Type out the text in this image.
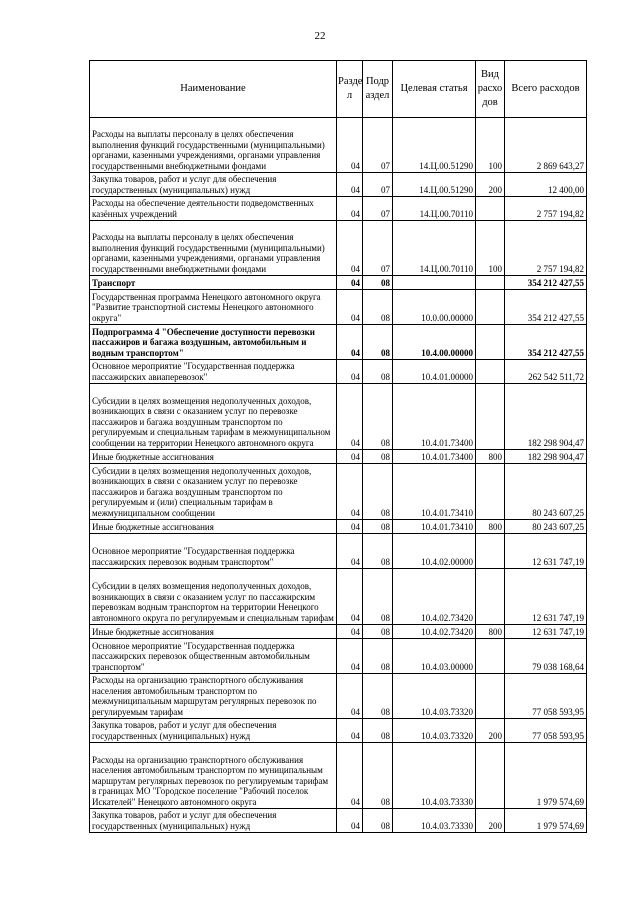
22
Наименование	Разде л	Подр аздел	Целевая статья	Вид расхо дов	Всего расходов
Расходы на выплаты персоналу в целях обеспечения выполнения функций государственными (муниципальными) органами, казенными учреждениями, органами управления государственными внебюджетными фондами	04	07	14.Ц.00.51290	100	2 869 643,27
Закупка товаров, работ и услуг для обеспечения государственных (муниципальных) нужд	04	07	14.Ц.00.51290	200	12 400,00
Расходы на обеспечение деятельности подведомственных казённых учреждений	04	07	14.Ц.00.70110		2 757 194,82
Расходы на выплаты персоналу в целях обеспечения выполнения функций государственными (муниципальными) органами, казенными учреждениями, органами управления государственными внебюджетными фондами	04	07	14.Ц.00.70110	100	2 757 194,82
Транспорт	04	08			354 212 427,55
Государственная программа Ненецкого автономного округа "Развитие транспортной системы Ненецкого автономного округа"	04	08	10.0.00.00000		354 212 427,55
Подпрограмма 4 "Обеспечение доступности перевозки пассажиров и багажа воздушным, автомобильным и водным транспортом"	04	08	10.4.00.00000		354 212 427,55
Основное мероприятие "Государственная поддержка пассажирских авиаперевозок"	04	08	10.4.01.00000		262 542 511,72
Субсидии в целях возмещения недополученных доходов, возникающих в связи с оказанием услуг по перевозке пассажиров и багажа воздушным транспортом по регулируемым и специальным тарифам в межмуниципальном сообщении на территории Ненецкого автономного округа	04	08	10.4.01.73400		182 298 904,47
Иные бюджетные ассигнования	04	08	10.4.01.73400	800	182 298 904,47
Субсидии в целях возмещения недополученных доходов, возникающих в связи с оказанием услуг по перевозке пассажиров и багажа воздушным транспортом по регулируемым и (или) специальным тарифам в межмуниципальном сообщении	04	08	10.4.01.73410		80 243 607,25
Иные бюджетные ассигнования	04	08	10.4.01.73410	800	80 243 607,25
Основное мероприятие "Государственная поддержка пассажирских перевозок водным транспортом"	04	08	10.4.02.00000		12 631 747,19
Субсидии в целях возмещения недополученных доходов, возникающих в связи с оказанием услуг по пассажирским перевозкам водным транспортом на территории Ненецкого автономного округа по регулируемым и специальным тарифам	04	08	10.4.02.73420		12 631 747,19
Иные бюджетные ассигнования	04	08	10.4.02.73420	800	12 631 747,19
Основное мероприятие "Государственная поддержка пассажирских перевозок общественным автомобильным транспортом"	04	08	10.4.03.00000		79 038 168,64
Расходы на организацию транспортного обслуживания населения автомобильным транспортом по межмуниципальным маршрутам регулярных перевозок по регулируемым тарифам	04	08	10.4.03.73320		77 058 593,95
Закупка товаров, работ и услуг для обеспечения государственных (муниципальных) нужд	04	08	10.4.03.73320	200	77 058 593,95
Расходы на организацию транспортного обслуживания населения автомобильным транспортом по муниципальным маршрутам регулярных перевозок по регулируемым тарифам в границах МО "Городское поселение "Рабочий поселок Искателей" Ненецкого автономного округа	04	08	10.4.03.73330		1 979 574,69
Закупка товаров, работ и услуг для обеспечения государственных (муниципальных) нужд	04	08	10.4.03.73330	200	1 979 574,69
